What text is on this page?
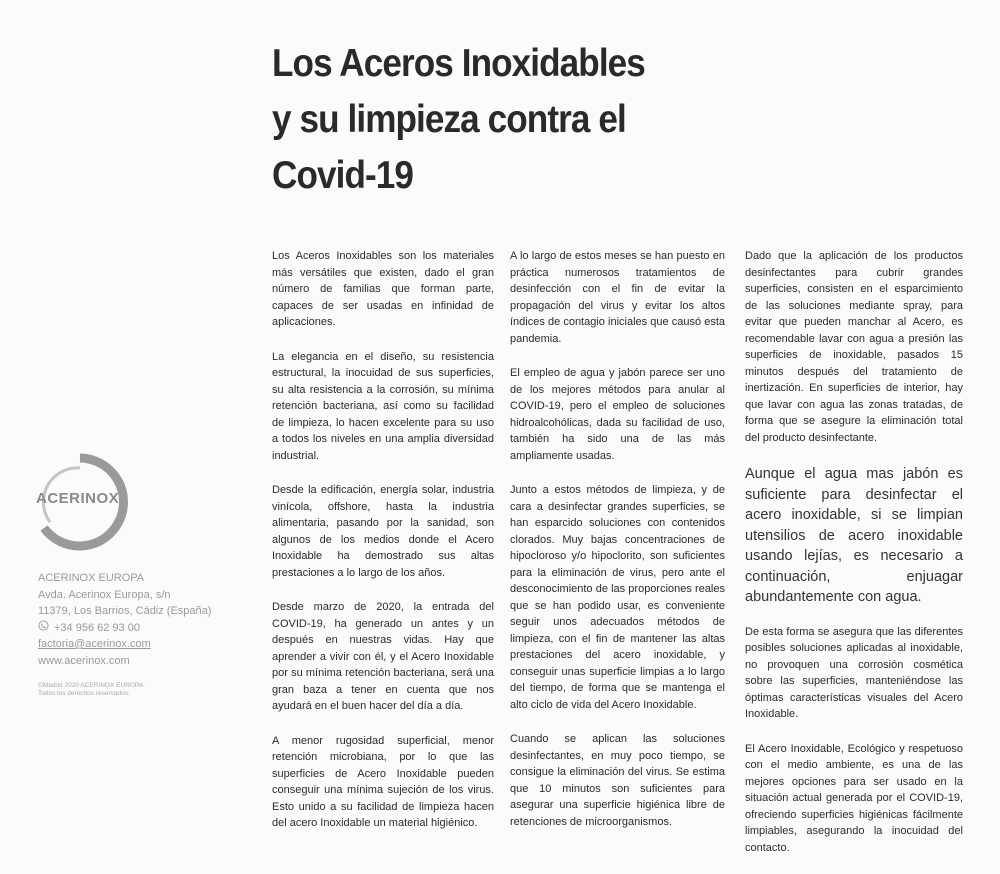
Los Aceros Inoxidables
y su limpieza contra el
Covid-19

Los Aceros Inoxidables son los materiales más versátiles que existen, dado el gran número de familias que forman parte, capaces de ser usadas en infinidad de aplicaciones.

La elegancia en el diseño, su resistencia estructural, la inocuidad de sus superficies, su alta resistencia a la corrosión, su mínima retención bacteriana, así como su facilidad de limpieza, lo hacen excelente para su uso a todos los niveles en una amplia diversidad industrial.

Desde la edificación, energía solar, industria vinícola, offshore, hasta la industria alimentaria, pasando por la sanidad, son algunos de los medios donde el Acero Inoxidable ha demostrado sus altas prestaciones a lo largo de los años.

Desde marzo de 2020, la entrada del COVID-19, ha generado un antes y un después en nuestras vidas. Hay que aprender a vivir con él, y el Acero Inoxidable por su mínima retención bacteriana, será una gran baza a tener en cuenta que nos ayudará en el buen hacer del día a día.

A menor rugosidad superficial, menor retención microbiana, por lo que las superficies de Acero Inoxidable pueden conseguir una mínima sujeción de los virus. Esto unido a su facilidad de limpieza hacen del acero Inoxidable un material higiénico.

A lo largo de estos meses se han puesto en práctica numerosos tratamientos de desinfección con el fin de evitar la propagación del virus y evitar los altos índices de contagio iniciales que causó esta pandemia.

El empleo de agua y jabón parece ser uno de los mejores métodos para anular al COVID-19, pero el empleo de soluciones hidroalcohólicas, dada su facilidad de uso, también ha sido una de las más ampliamente usadas.

Junto a estos métodos de limpieza, y de cara a desinfectar grandes superficies, se han esparcido soluciones con contenidos clorados. Muy bajas concentraciones de hipocloroso y/o hipoclorito, son suficientes para la eliminación de virus, pero ante el desconocimiento de las proporciones reales que se han podido usar, es conveniente seguir unos adecuados métodos de limpieza, con el fin de mantener las altas prestaciones del acero inoxidable, y conseguir unas superficie limpias a lo largo del tiempo, de forma que se mantenga el alto ciclo de vida del Acero Inoxidable.

Cuando se aplican las soluciones desinfectantes, en muy poco tiempo, se consigue la eliminación del virus. Se estima que 10 minutos son suficientes para asegurar una superficie higiénica libre de retenciones de microorganismos.

Dado que la aplicación de los productos desinfectantes para cubrir grandes superficies, consisten en el esparcimiento de las soluciones mediante spray, para evitar que pueden manchar al Acero, es recomendable lavar con agua a presión las superficies de inoxidable, pasados 15 minutos después del tratamiento de inertización. En superficies de interior, hay que lavar con agua las zonas tratadas, de forma que se asegure la eliminación total del producto desinfectante.

Aunque el agua mas jabón es suficiente para desinfectar el acero inoxidable, si se limpian utensilios de acero inoxidable usando lejías, es necesario a continuación, enjuagar abundantemente con agua.

De esta forma se asegura que las diferentes posibles soluciones aplicadas al inoxidable, no provoquen una corrosión cosmética sobre las superficies, manteniéndose las óptimas características visuales del Acero Inoxidable.

El Acero Inoxidable, Ecológico y respetuoso con el medio ambiente, es una de las mejores opciones para ser usado en la situación actual generada por el COVID-19, ofreciendo superficies higiénicas fácilmente limpiables, asegurando la inocuidad del contacto.

ACERINOX
ACERINOX EUROPA
Avda. Acerinox Europa, s/n
11379, Los Barrios, Cádiz (España)
+34 956 62 93 00
factoria@acerinox.com
www.acerinox.com
©Madrid 2020 ACERINOX EUROPA.
Todos los derechos reservados.
